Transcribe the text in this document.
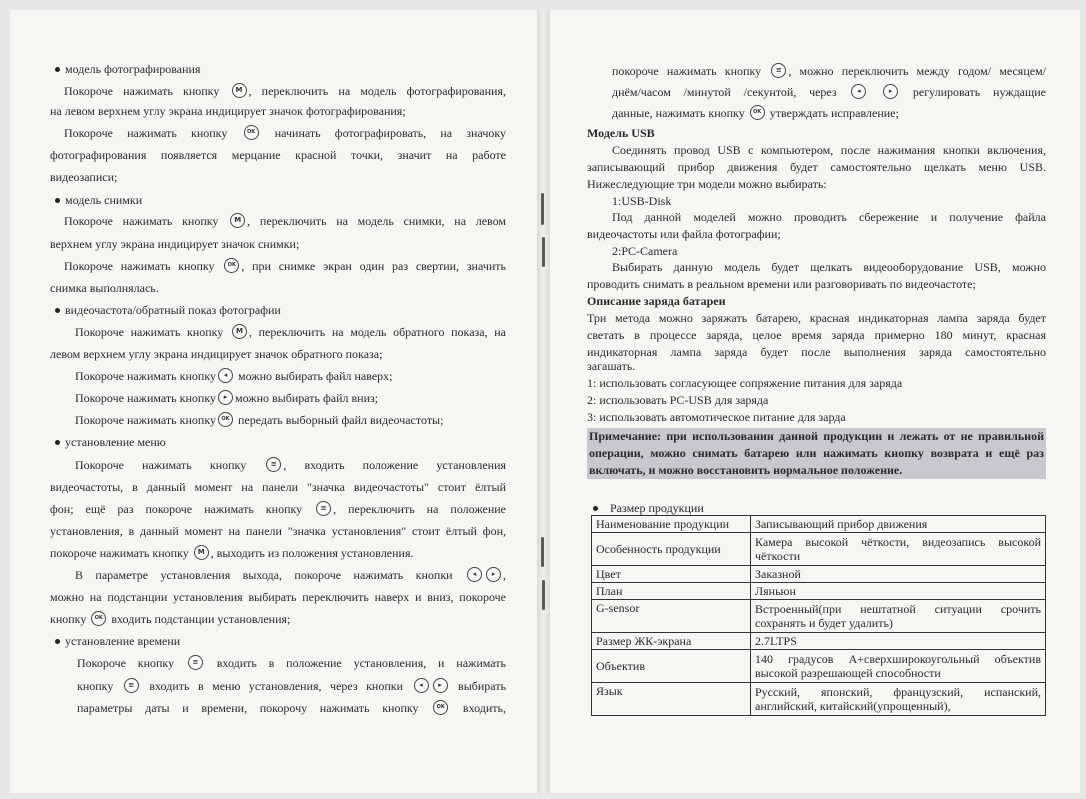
модель фотографирования
Покороче нажимать кнопку M , переключить на модель фотографирования,
на левом верхнем углу экрана индицирует значок фотографирования;
Покороче нажимать кнопку	OK начинать фотографировать, на значоку
фотографирования появляется мерцание красной точки, значит на работе
видеозаписи;
модель снимки
Покороче нажимать кнопку M , переключить на модель снимки, на левом
верхнем углу экрана индицирует значок снимки;
Покороче нажимать кнопку	OK , при снимке экран один раз свертии, значить
снимка выполнялась.
видеочастота/обратный показ фотографии
Покороче нажимать кнопку M , переключить на модель обратного показа, на
левом верхнем углу экрана индицирует значок обратного показа;
Покороче нажимать кнопку ◂ можно выбирать файл наверх;
Покороче нажимать кнопку ▸ можно выбирать файл вниз;
Покороче нажимать кнопку OK передать выборный файл видеочастоты;
установление меню
Покороче нажимать кнопку	≡ , входить положение установления
видеочастоты, в данный момент на панели "значка видеочастоты" стоит ёлтый
фон; ещё раз покороче нажимать кнопку	≡ , переключить на положение
установления, в данный момент на панели "значка установления" стоит ёлтый фон,
покороче нажимать кнопку M , выходить из положения установления.
В параметре установления выхода, покороче нажимать кнопки	◂ ▸ ,
можно на подстанции установления выбирать переключить наверх и вниз, покороче
кнопку OK входить подстанции установления;
установление времени
Покороче кнопку	≡ входить в положение установления, и нажимать
кнопку ≡ входить в меню установления, через кнопки ◂ ▸ выбирать
параметры даты и времени, покорочу нажимать кнопку	OK входить,
покороче нажимать кнопку ≡ , можно переключить между годом/ месяцем/
днём/часом /минутой /секунтой, через	◂	▸ регулировать нуждащие
данные, нажимать кнопку OK утверждать исправление;
Модель USB
Соединять провод USB с компьютером, после нажимания кнопки включения,
записывающий прибор движения будет самостоятельно щелкать меню USB.
Нижеследующие три модели можно выбирать:
1:USB-Disk
Под данной моделей можно проводить сбережение и получение файла
видеочастоты или файла фотографии;
2:PC-Camera
Выбирать данную модель будет щелкать видеооборудование USB, можно
проводить снимать в реальном времени или разговоривать по видеочастоте;
Описание заряда батареи
Три метода можно заряжать батарею, красная индикаторная лампа заряда будет
светать в процессе заряда, целое время заряда примерно 180 минут, красная
индикаторная лампа заряда будет после выполнения заряда самостоятельно
загашать.
1: использовать согласующее сопряжение питания для заряда
2: использовать PC-USB для заряда
3: использовать автомотическое питание для зарда
Примечание: при использовании данной продукции и лежать от не правильной
операции, можно снимать батарею или нажимать кнопку возврата и ещё раз
включать, и можно восстановить нормальное положение.
Размер продукции
Наименование продукции	Записывающий прибор движения
Особенность продукции	Камера высокой чёткости, видеозапись высокой чёткости
Цвет	Заказной
План	Ляньюн
G-sensor	Встроенный(при нештатной ситуации срочить сохранять и будет удалить)
Размер ЖК-экрана	2.7LTPS
Объектив	140 градусов A+сверхширокоугольный объектив высокой разрешающей способности
Язык	Русский, японский, французский, испанский, английский, китайский(упрощенный),
